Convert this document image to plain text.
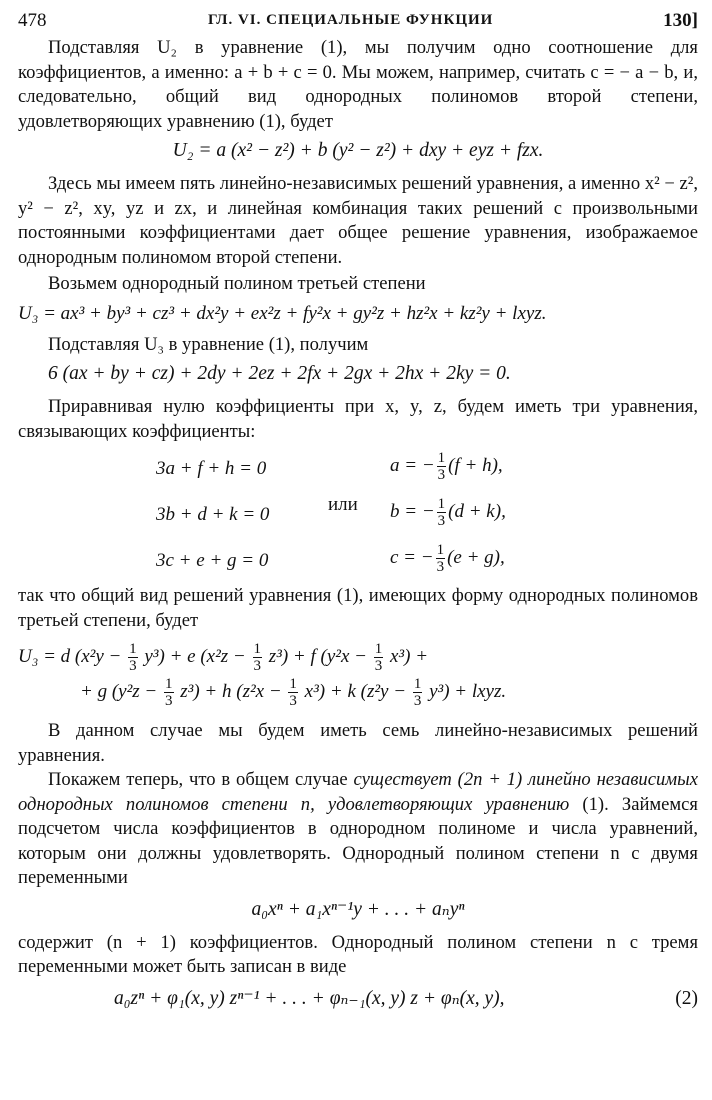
478	ГЛ. VI. СПЕЦИАЛЬНЫЕ ФУНКЦИИ	130]

Подставляя U₂ в уравнение (1), мы получим одно соотношение для коэффициентов, а именно: a + b + c = 0. Мы можем, например, считать c = − a − b, и, следовательно, общий вид однородных полиномов второй степени, удовлетворяющих уравнению (1), будет

U₂ = a (x² − z²) + b (y² − z²) + dxy + eyz + fzx.

Здесь мы имеем пять линейно-независимых решений уравнения, а именно x² − z², y² − z², xy, yz и zx, и линейная комбинация таких решений с произвольными постоянными коэффициентами дает общее решение уравнения, изображаемое однородным полиномом второй степени.

Возьмем однородный полином третьей степени

U₃ = ax³ + by³ + cz³ + dx²y + ex²z + fy²x + gy²z + hz²x + kz²y + lxyz.

Подставляя U₃ в уравнение (1), получим

6 (ax + by + cz) + 2dy + 2ez + 2fx + 2gx + 2hx + 2ky = 0.

Приравнивая нулю коэффициенты при x, y, z, будем иметь три уравнения, связывающих коэффициенты:

3a + f + h = 0
3b + d + k = 0
3c + e + g = 0
или
a = − $\frac{1}{3} (f + h)$,
b = − $\frac{1}{3} (d + k)$,
c = − $\frac{1}{3} (e + g)$,

так что общий вид решений уравнения (1), имеющих форму однородных полиномов третьей степени, будет

U₃ = d $(x^2y - \frac{1}{3} y^3) + e$ $(x^2z - \frac{1}{3} z^3) + f$ $(y^2x - \frac{1}{3} x^3)$ +
+ g $(y^2z - \frac{1}{3} z^3) + h$ $(z^2x - \frac{1}{3} x^3) + k$ $(z^2y - \frac{1}{3} y^3)$ + lxyz.

В данном случае мы будем иметь семь линейно-независимых решений уравнения.

Покажем теперь, что в общем случае существует (2n + 1) линейно независимых однородных полиномов степени n, удовлетворяющих уравнению (1). Займемся подсчетом числа коэффициентов в однородном полиноме и числа уравнений, которым они должны удовлетворять. Однородный полином степени n с двумя переменными

a₀xⁿ + a₁xⁿ⁻¹y + . . . + aₙyⁿ

содержит (n + 1) коэффициентов. Однородный полином степени n с тремя переменными может быть записан в виде

a₀zⁿ + φ₁(x, y) zⁿ⁻¹ + . . . + φₙ₋₁(x, y) z + φₙ(x, y),	(2)
